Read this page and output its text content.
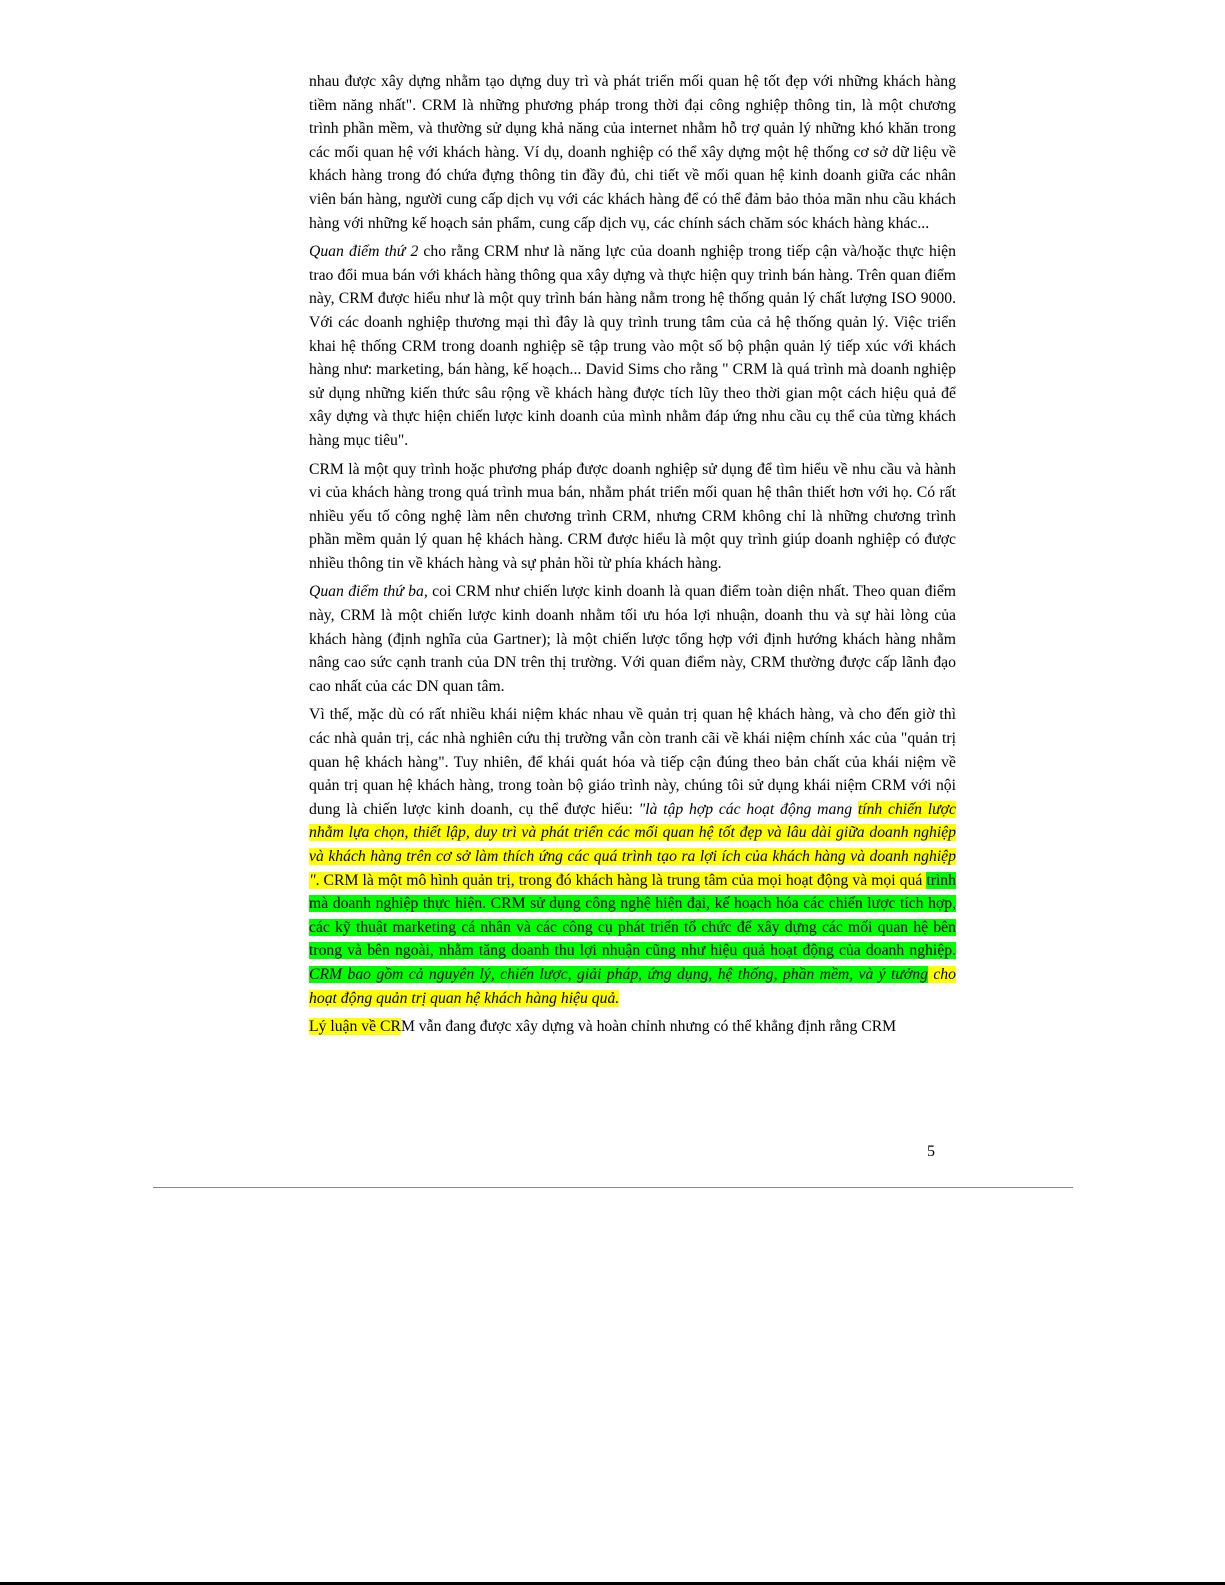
nhau được xây dựng nhằm tạo dựng duy trì và phát triển mối quan hệ tốt đẹp với những khách hàng tiềm năng nhất". CRM là những phương pháp trong thời đại công nghiệp thông tin, là một chương trình phần mềm, và thường sử dụng khả năng của internet nhằm hỗ trợ quản lý những khó khăn trong các mối quan hệ với khách hàng. Ví dụ, doanh nghiệp có thể xây dựng một hệ thống cơ sở dữ liệu về khách hàng trong đó chứa đựng thông tin đầy đủ, chi tiết về mối quan hệ kinh doanh giữa các nhân viên bán hàng, người cung cấp dịch vụ với các khách hàng để có thể đảm bảo thỏa mãn nhu cầu khách hàng với những kế hoạch sản phẩm, cung cấp dịch vụ, các chính sách chăm sóc khách hàng khác...

Quan điểm thứ 2 cho rằng CRM như là năng lực của doanh nghiệp trong tiếp cận và/hoặc thực hiện trao đổi mua bán với khách hàng thông qua xây dựng và thực hiện quy trình bán hàng. Trên quan điểm này, CRM được hiểu như là một quy trình bán hàng nằm trong hệ thống quản lý chất lượng ISO 9000. Với các doanh nghiệp thương mại thì đây là quy trình trung tâm của cả hệ thống quản lý. Việc triển khai hệ thống CRM trong doanh nghiệp sẽ tập trung vào một số bộ phận quản lý tiếp xúc với khách hàng như: marketing, bán hàng, kế hoạch... David Sims cho rằng " CRM là quá trình mà doanh nghiệp sử dụng những kiến thức sâu rộng về khách hàng được tích lũy theo thời gian một cách hiệu quả để xây dựng và thực hiện chiến lược kinh doanh của mình nhằm đáp ứng nhu cầu cụ thể của từng khách hàng mục tiêu".

CRM là một quy trình hoặc phương pháp được doanh nghiệp sử dụng để tìm hiểu về nhu cầu và hành vi của khách hàng trong quá trình mua bán, nhằm phát triển mối quan hệ thân thiết hơn với họ. Có rất nhiều yếu tố công nghệ làm nên chương trình CRM, nhưng CRM không chỉ là những chương trình phần mềm quản lý quan hệ khách hàng. CRM được hiểu là một quy trình giúp doanh nghiệp có được nhiều thông tin về khách hàng và sự phản hồi từ phía khách hàng.

Quan điểm thứ ba, coi CRM như chiến lược kinh doanh là quan điểm toàn diện nhất. Theo quan điểm này, CRM là một chiến lược kinh doanh nhằm tối ưu hóa lợi nhuận, doanh thu và sự hài lòng của khách hàng (định nghĩa của Gartner); là một chiến lược tổng hợp với định hướng khách hàng nhằm nâng cao sức cạnh tranh của DN trên thị trường. Với quan điểm này, CRM thường được cấp lãnh đạo cao nhất của các DN quan tâm.

Vì thế, mặc dù có rất nhiều khái niệm khác nhau về quản trị quan hệ khách hàng, và cho đến giờ thì các nhà quản trị, các nhà nghiên cứu thị trường vẫn còn tranh cãi về khái niệm chính xác của "quản trị quan hệ khách hàng". Tuy nhiên, để khái quát hóa và tiếp cận đúng theo bản chất của khái niệm về quản trị quan hệ khách hàng, trong toàn bộ giáo trình này, chúng tôi sử dụng khái niệm CRM với nội dung là chiến lược kinh doanh, cụ thể được hiểu: "là tập hợp các hoạt động mang tính chiến lược nhằm lựa chọn, thiết lập, duy trì và phát triển các mối quan hệ tốt đẹp và lâu dài giữa doanh nghiệp và khách hàng trên cơ sở làm thích ứng các quá trình tạo ra lợi ích của khách hàng và doanh nghiệp ". CRM là một mô hình quản trị, trong đó khách hàng là trung tâm của mọi hoạt động và mọi quá trình mà doanh nghiệp thực hiện. CRM sử dụng công nghệ hiện đại, kế hoạch hóa các chiến lược tích hợp, các kỹ thuật marketing cá nhân và các công cụ phát triển tổ chức để xây dựng các mối quan hệ bên trong và bên ngoài, nhằm tăng doanh thu lợi nhuận cũng như hiệu quả hoạt động của doanh nghiệp. CRM bao gồm cả nguyên lý, chiến lược, giải pháp, ứng dụng, hệ thống, phần mềm, và ý tưởng cho hoạt động quản trị quan hệ khách hàng hiệu quả.

Lý luận về CRM vẫn đang được xây dựng và hoàn chỉnh nhưng có thể khẳng định rằng CRM

5
